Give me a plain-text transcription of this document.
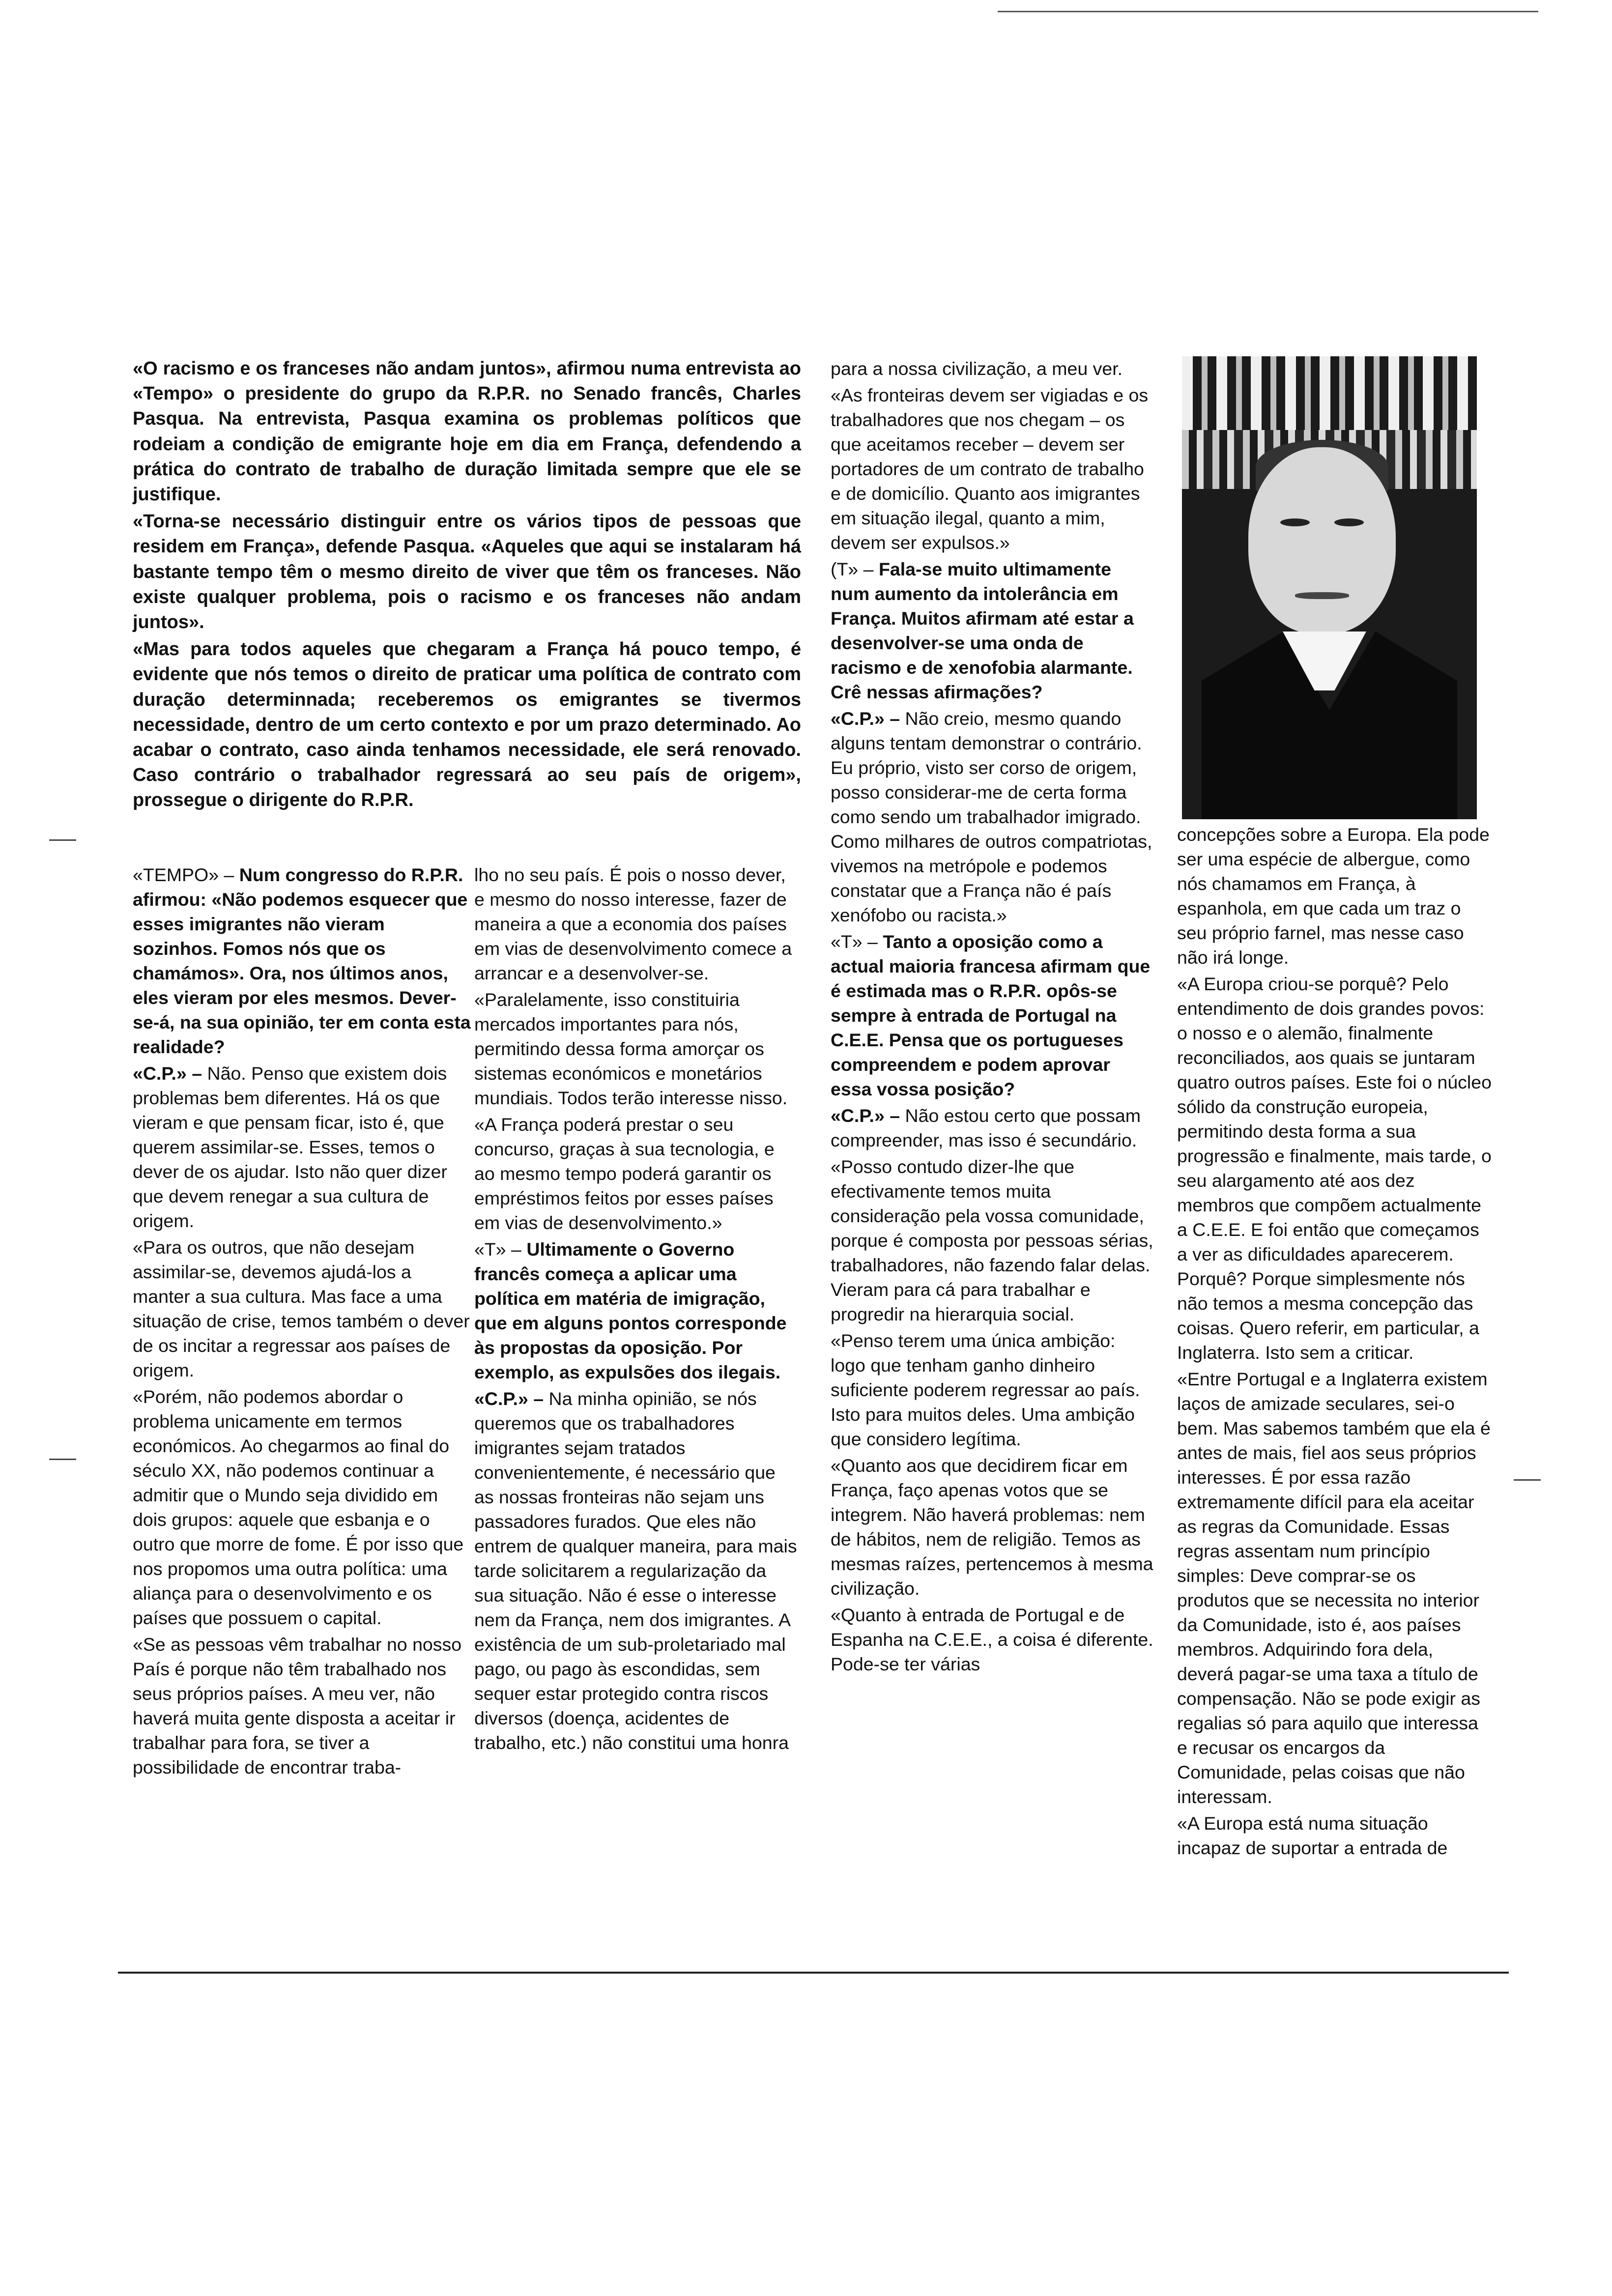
«O racismo e os franceses não andam juntos», afirmou numa entrevista ao «Tempo» o presidente do grupo da R.P.R. no Senado francês, Charles Pasqua. Na entrevista, Pasqua examina os problemas políticos que rodeiam a condição de emigrante hoje em dia em França, defendendo a prática do contrato de trabalho de duração limitada sempre que ele se justifique.

«Torna-se necessário distinguir entre os vários tipos de pessoas que residem em França», defende Pasqua. «Aqueles que aqui se instalaram há bastante tempo têm o mesmo direito de viver que têm os franceses. Não existe qualquer problema, pois o racismo e os franceses não andam juntos».

«Mas para todos aqueles que chegaram a França há pouco tempo, é evidente que nós temos o direito de praticar uma política de contrato com duração determinnada; receberemos os emigrantes se tivermos necessidade, dentro de um certo contexto e por um prazo determinado. Ao acabar o contrato, caso ainda tenhamos necessidade, ele será renovado. Caso contrário o trabalhador regressará ao seu país de origem», prossegue o dirigente do R.P.R.

«TEMPO» – Num congresso do R.P.R. afirmou: «Não podemos esquecer que esses imigrantes não vieram sozinhos. Fomos nós que os chamámos». Ora, nos últimos anos, eles vieram por eles mesmos. Dever-se-á, na sua opinião, ter em conta esta realidade?

«C.P.» – Não. Penso que existem dois problemas bem diferentes. Há os que vieram e que pensam ficar, isto é, que querem assimilar-se. Esses, temos o dever de os ajudar. Isto não quer dizer que devem renegar a sua cultura de origem.

«Para os outros, que não desejam assimilar-se, devemos ajudá-los a manter a sua cultura. Mas face a uma situação de crise, temos também o dever de os incitar a regressar aos países de origem.

«Porém, não podemos abordar o problema unicamente em termos económicos. Ao chegarmos ao final do século XX, não podemos continuar a admitir que o Mundo seja dividido em dois grupos: aquele que esbanja e o outro que morre de fome. É por isso que nos propomos uma outra política: uma aliança para o desenvolvimento e os países que possuem o capital.

«Se as pessoas vêm trabalhar no nosso País é porque não têm trabalhado nos seus próprios países. A meu ver, não haverá muita gente disposta a aceitar ir trabalhar para fora, se tiver a possibilidade de encontrar traba-

lho no seu país. É pois o nosso dever, e mesmo do nosso interesse, fazer de maneira a que a economia dos países em vias de desenvolvimento comece a arrancar e a desenvolver-se.

«Paralelamente, isso constituiria mercados importantes para nós, permitindo dessa forma amorçar os sistemas económicos e monetários mundiais. Todos terão interesse nisso.

«A França poderá prestar o seu concurso, graças à sua tecnologia, e ao mesmo tempo poderá garantir os empréstimos feitos por esses países em vias de desenvolvimento.»

«T» – Ultimamente o Governo francês começa a aplicar uma política em matéria de imigração, que em alguns pontos corresponde às propostas da oposição. Por exemplo, as expulsões dos ilegais.

«C.P.» – Na minha opinião, se nós queremos que os trabalhadores imigrantes sejam tratados convenientemente, é necessário que as nossas fronteiras não sejam uns passadores furados. Que eles não entrem de qualquer maneira, para mais tarde solicitarem a regularização da sua situação. Não é esse o interesse nem da França, nem dos imigrantes. A existência de um sub-proletariado mal pago, ou pago às escondidas, sem sequer estar protegido contra riscos diversos (doença, acidentes de trabalho, etc.) não constitui uma honra

para a nossa civilização, a meu ver.

«As fronteiras devem ser vigiadas e os trabalhadores que nos chegam – os que aceitamos receber – devem ser portadores de um contrato de trabalho e de domicílio. Quanto aos imigrantes em situação ilegal, quanto a mim, devem ser expulsos.»

(T» – Fala-se muito ultimamente num aumento da intolerância em França. Muitos afirmam até estar a desenvolver-se uma onda de racismo e de xenofobia alarmante. Crê nessas afirmações?

«C.P.» – Não creio, mesmo quando alguns tentam demonstrar o contrário. Eu próprio, visto ser corso de origem, posso considerar-me de certa forma como sendo um trabalhador imigrado. Como milhares de outros compatriotas, vivemos na metrópole e podemos constatar que a França não é país xenófobo ou racista.»

«T» – Tanto a oposição como a actual maioria francesa afirmam que é estimada mas o R.P.R. opôs-se sempre à entrada de Portugal na C.E.E. Pensa que os portugueses compreendem e podem aprovar essa vossa posição?

«C.P.» – Não estou certo que possam compreender, mas isso é secundário.

«Posso contudo dizer-lhe que efectivamente temos muita consideração pela vossa comunidade, porque é composta por pessoas sérias, trabalhadores, não fazendo falar delas. Vieram para cá para trabalhar e progredir na hierarquia social.

«Penso terem uma única ambição: logo que tenham ganho dinheiro suficiente poderem regressar ao país. Isto para muitos deles. Uma ambição que considero legítima.

«Quanto aos que decidirem ficar em França, faço apenas votos que se integrem. Não haverá problemas: nem de hábitos, nem de religião. Temos as mesmas raízes, pertencemos à mesma civilização.

«Quanto à entrada de Portugal e de Espanha na C.E.E., a coisa é diferente. Pode-se ter várias

concepções sobre a Europa. Ela pode ser uma espécie de albergue, como nós chamamos em França, à espanhola, em que cada um traz o seu próprio farnel, mas nesse caso não irá longe.

«A Europa criou-se porquê? Pelo entendimento de dois grandes povos: o nosso e o alemão, finalmente reconciliados, aos quais se juntaram quatro outros países. Este foi o núcleo sólido da construção europeia, permitindo desta forma a sua progressão e finalmente, mais tarde, o seu alargamento até aos dez membros que compõem actualmente a C.E.E. E foi então que começamos a ver as dificuldades aparecerem. Porquê? Porque simplesmente nós não temos a mesma concepção das coisas. Quero referir, em particular, a Inglaterra. Isto sem a criticar.

«Entre Portugal e a Inglaterra existem laços de amizade seculares, sei-o bem. Mas sabemos também que ela é antes de mais, fiel aos seus próprios interesses. É por essa razão extremamente difícil para ela aceitar as regras da Comunidade. Essas regras assentam num princípio simples: Deve comprar-se os produtos que se necessita no interior da Comunidade, isto é, aos países membros. Adquirindo fora dela, deverá pagar-se uma taxa a título de compensação. Não se pode exigir as regalias só para aquilo que interessa e recusar os encargos da Comunidade, pelas coisas que não interessam.

«A Europa está numa situação incapaz de suportar a entrada de
